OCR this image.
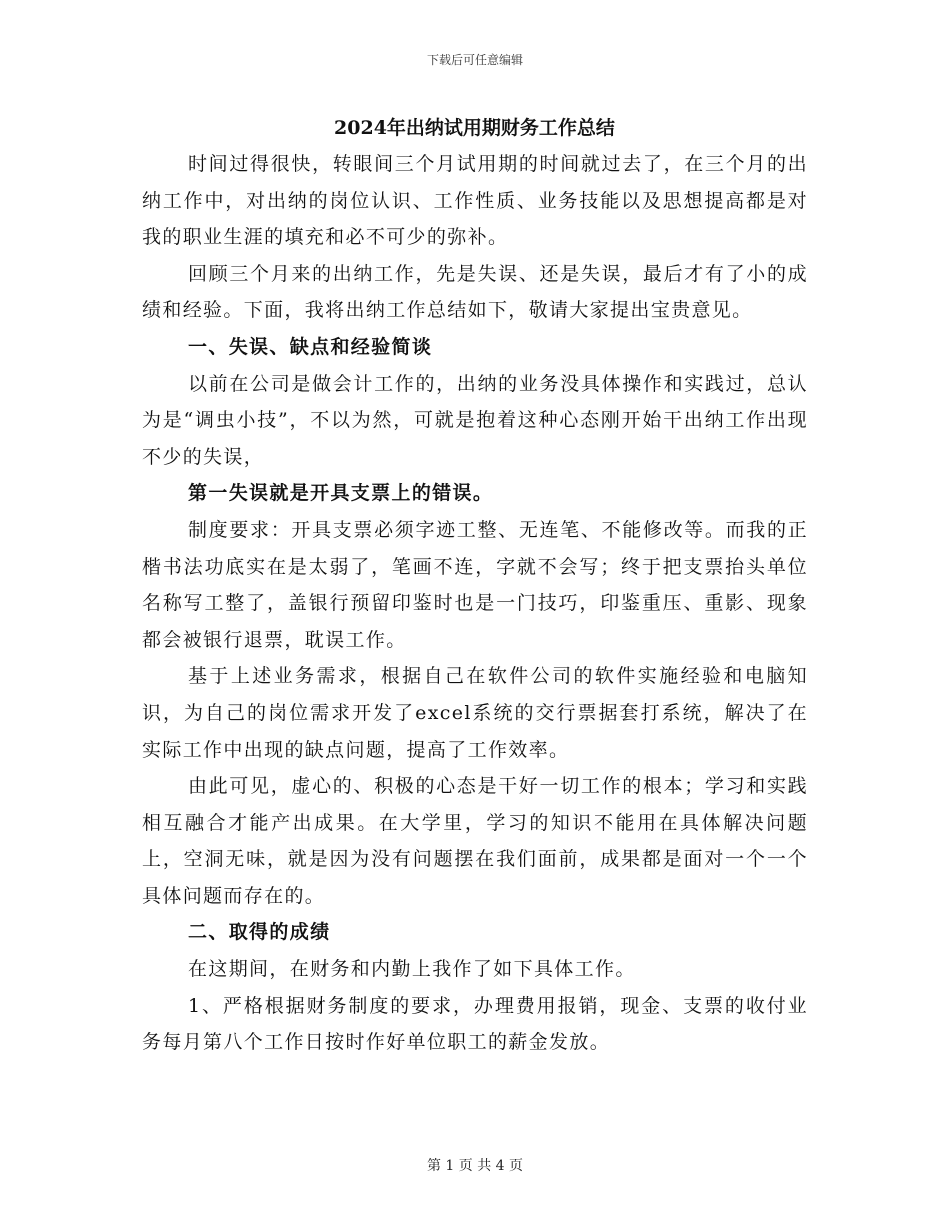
下载后可任意编辑
2024年出纳试用期财务工作总结

时间过得很快，转眼间三个月试用期的时间就过去了，在三个月的出纳工作中，对出纳的岗位认识、工作性质、业务技能以及思想提高都是对我的职业生涯的填充和必不可少的弥补。

回顾三个月来的出纳工作，先是失误、还是失误，最后才有了小的成绩和经验。下面，我将出纳工作总结如下，敬请大家提出宝贵意见。

一、失误、缺点和经验简谈

以前在公司是做会计工作的，出纳的业务没具体操作和实践过，总认为是“调虫小技”，不以为然，可就是抱着这种心态刚开始干出纳工作出现不少的失误，

第一失误就是开具支票上的错误。

制度要求：开具支票必须字迹工整、无连笔、不能修改等。而我的正楷书法功底实在是太弱了，笔画不连，字就不会写；终于把支票抬头单位名称写工整了，盖银行预留印鉴时也是一门技巧，印鉴重压、重影、现象都会被银行退票，耽误工作。

基于上述业务需求，根据自己在软件公司的软件实施经验和电脑知识，为自己的岗位需求开发了excel系统的交行票据套打系统，解决了在实际工作中出现的缺点问题，提高了工作效率。

由此可见，虚心的、积极的心态是干好一切工作的根本；学习和实践相互融合才能产出成果。在大学里，学习的知识不能用在具体解决问题上，空洞无味，就是因为没有问题摆在我们面前，成果都是面对一个一个具体问题而存在的。

二、取得的成绩

在这期间，在财务和内勤上我作了如下具体工作。

1、严格根据财务制度的要求，办理费用报销，现金、支票的收付业务每月第八个工作日按时作好单位职工的薪金发放。

第 1 页 共 4 页
